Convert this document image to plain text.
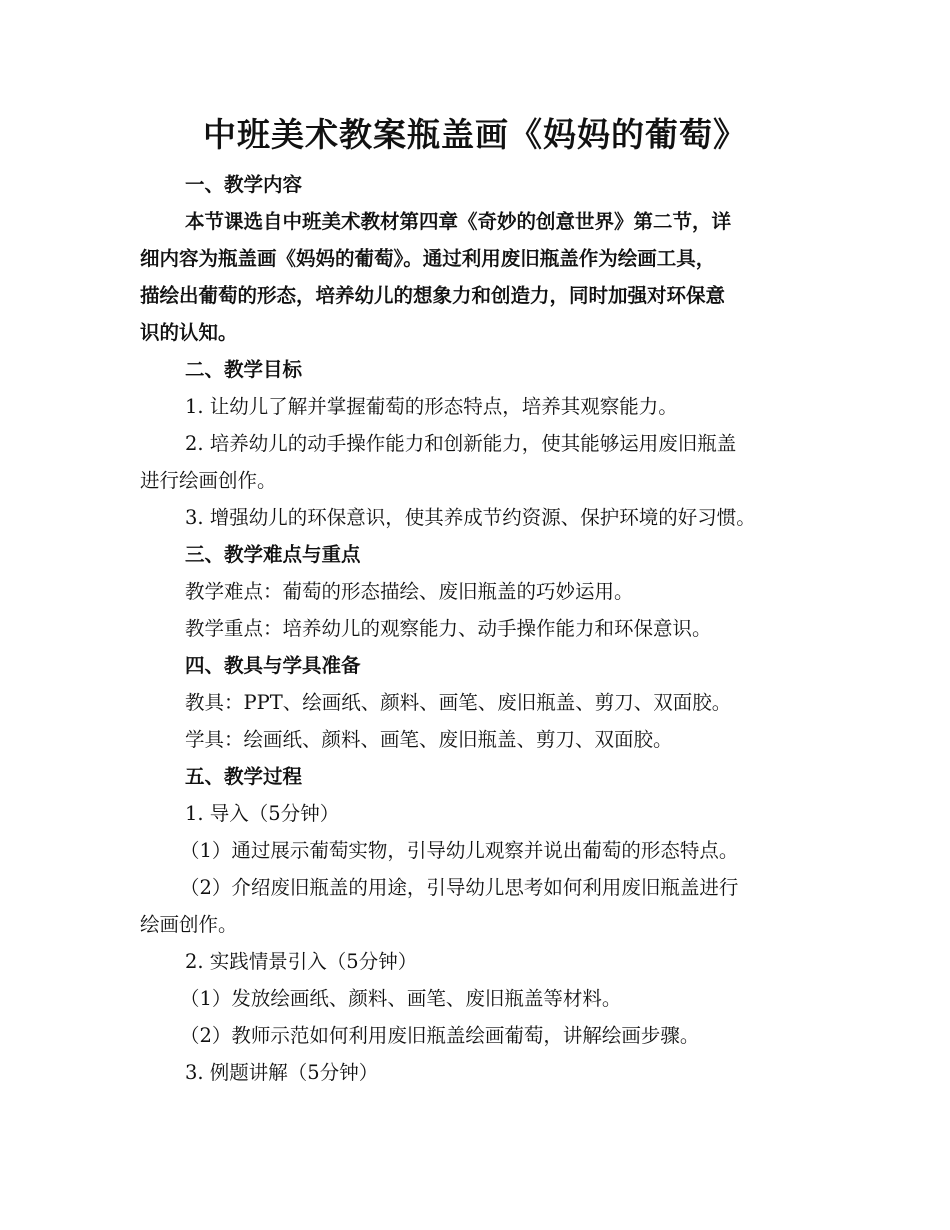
中班美术教案瓶盖画《妈妈的葡萄》
一、教学内容
本节课选自中班美术教材第四章《奇妙的创意世界》第二节，详
细内容为瓶盖画《妈妈的葡萄》。通过利用废旧瓶盖作为绘画工具，
描绘出葡萄的形态，培养幼儿的想象力和创造力，同时加强对环保意
识的认知。
二、教学目标
1. 让幼儿了解并掌握葡萄的形态特点，培养其观察能力。
2. 培养幼儿的动手操作能力和创新能力，使其能够运用废旧瓶盖
进行绘画创作。
3. 增强幼儿的环保意识，使其养成节约资源、保护环境的好习惯。
三、教学难点与重点
教学难点：葡萄的形态描绘、废旧瓶盖的巧妙运用。
教学重点：培养幼儿的观察能力、动手操作能力和环保意识。
四、教具与学具准备
教具：PPT、绘画纸、颜料、画笔、废旧瓶盖、剪刀、双面胶。
学具：绘画纸、颜料、画笔、废旧瓶盖、剪刀、双面胶。
五、教学过程
1. 导入（5分钟）
（1）通过展示葡萄实物，引导幼儿观察并说出葡萄的形态特点。
（2）介绍废旧瓶盖的用途，引导幼儿思考如何利用废旧瓶盖进行
绘画创作。
2. 实践情景引入（5分钟）
（1）发放绘画纸、颜料、画笔、废旧瓶盖等材料。
（2）教师示范如何利用废旧瓶盖绘画葡萄，讲解绘画步骤。
3. 例题讲解（5分钟）
